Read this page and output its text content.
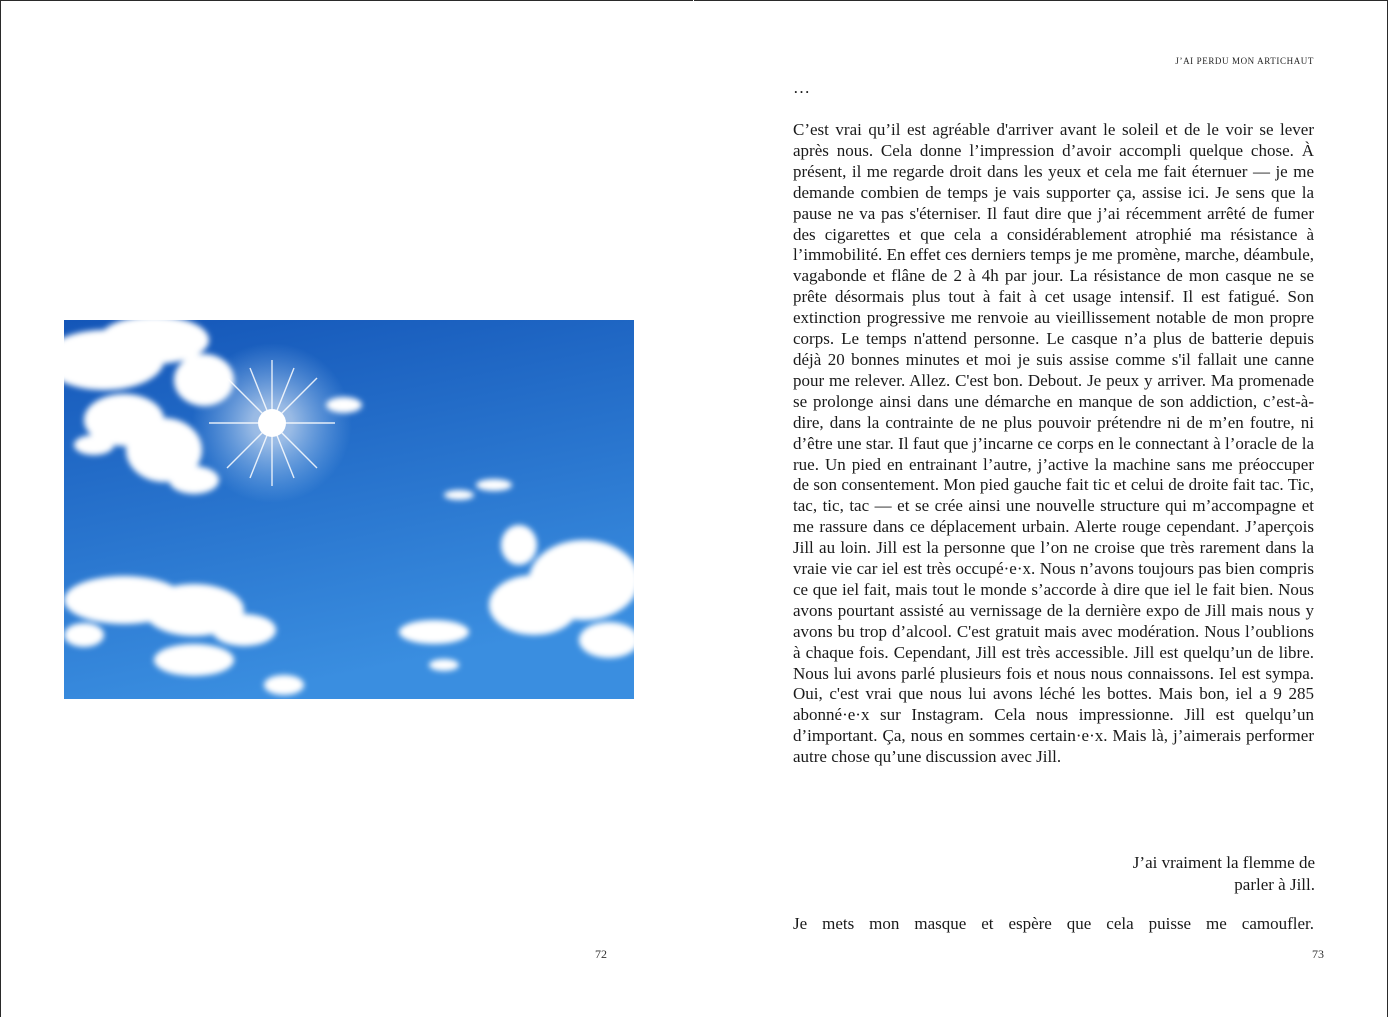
72
J’AI PERDU MON ARTICHAUT
…

C’est vrai qu’il est agréable d'arriver avant le soleil et de le voir se lever après nous. Cela donne l’impression d’avoir accompli quelque chose. À présent, il me regarde droit dans les yeux et cela me fait éternuer — je me demande combien de temps je vais supporter ça, assise ici. Je sens que la pause ne va pas s'éterniser. Il faut dire que j’ai récemment arrêté de fumer des cigarettes et que cela a considérablement atrophié ma résistance à l’immobilité. En effet ces derniers temps je me promène, marche, déambule, vagabonde et flâne de 2 à 4h par jour. La résistance de mon casque ne se prête désormais plus tout à fait à cet usage intensif. Il est fatigué. Son extinction progressive me renvoie au vieillissement notable de mon propre corps. Le temps n'attend personne. Le casque n’a plus de batterie depuis déjà 20 bonnes minutes et moi je suis assise comme s'il fallait une canne pour me relever. Allez. C'est bon. Debout. Je peux y arriver. Ma promenade se prolonge ainsi dans une démarche en manque de son addiction, c’est-à-dire, dans la contrainte de ne plus pouvoir prétendre ni de m’en foutre, ni d’être une star. Il faut que j’incarne ce corps en le connectant à l’oracle de la rue. Un pied en entrainant l’autre, j’active la machine sans me préoccuper de son consentement. Mon pied gauche fait tic et celui de droite fait tac. Tic, tac, tic, tac — et se crée ainsi une nouvelle structure qui m’accompagne et me rassure dans ce déplacement urbain. Alerte rouge cependant. J’aperçois Jill au loin. Jill est la personne que l’on ne croise que très rarement dans la vraie vie car iel est très occupé·e·x. Nous n’avons toujours pas bien compris ce que iel fait, mais tout le monde s’accorde à dire que iel le fait bien. Nous avons pourtant assisté au vernissage de la dernière expo de Jill mais nous y avons bu trop d’alcool. C'est gratuit mais avec modération. Nous l’oublions à chaque fois. Cependant, Jill est très accessible. Jill est quelqu’un de libre. Nous lui avons parlé plusieurs fois et nous nous connaissons. Iel est sympa. Oui, c'est vrai que nous lui avons léché les bottes. Mais bon, iel a 9 285 abonné·e·x sur Instagram. Cela nous impressionne. Jill est quelqu’un d’important. Ça, nous en sommes certain·e·x. Mais là, j’aimerais performer autre chose qu’une discussion avec Jill.

J’ai vraiment la flemme de
parler à Jill.

Je mets mon masque et espère que cela puisse me camoufler.

73
